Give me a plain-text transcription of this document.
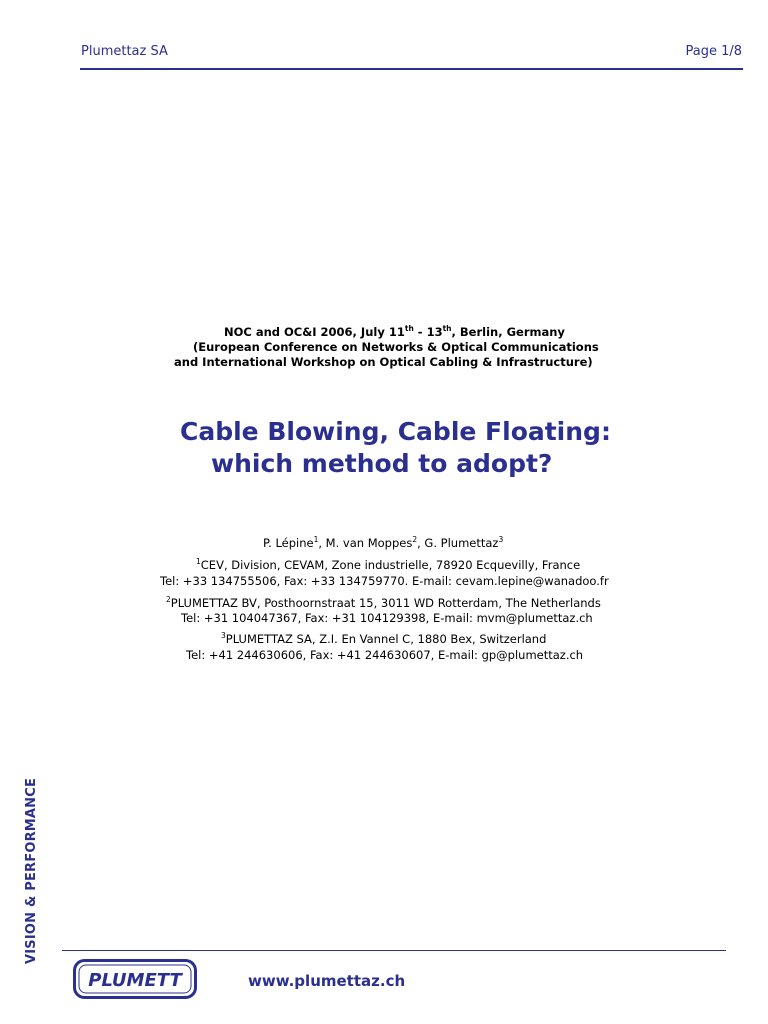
Plumettaz SA	Page 1/8
NOC and OC&I 2006, July 11th - 13th, Berlin, Germany
(European Conference on Networks & Optical Communications
and International Workshop on Optical Cabling & Infrastructure)
Cable Blowing, Cable Floating:
which method to adopt?
P. Lépine$^1$, M. van Moppes$^2$, G. Plumettaz$^3$
$^1$CEV, Division, CEVAM, Zone industrielle, 78920 Ecquevilly, France
Tel: +33 134755506, Fax: +33 134759770. E-mail: cevam.lepine@wanadoo.fr
$^2$PLUMETTAZ BV, Posthoornstraat 15, 3011 WD Rotterdam, The Netherlands
Tel: +31 104047367, Fax: +31 104129398, E-mail: mvm@plumettaz.ch
$^3$PLUMETTAZ SA, Z.I. En Vannel C, 1880 Bex, Switzerland
Tel: +41 244630606, Fax: +41 244630607, E-mail: gp@plumettaz.ch
VISION & PERFORMANCE
PLUMETT	www.plumettaz.ch
